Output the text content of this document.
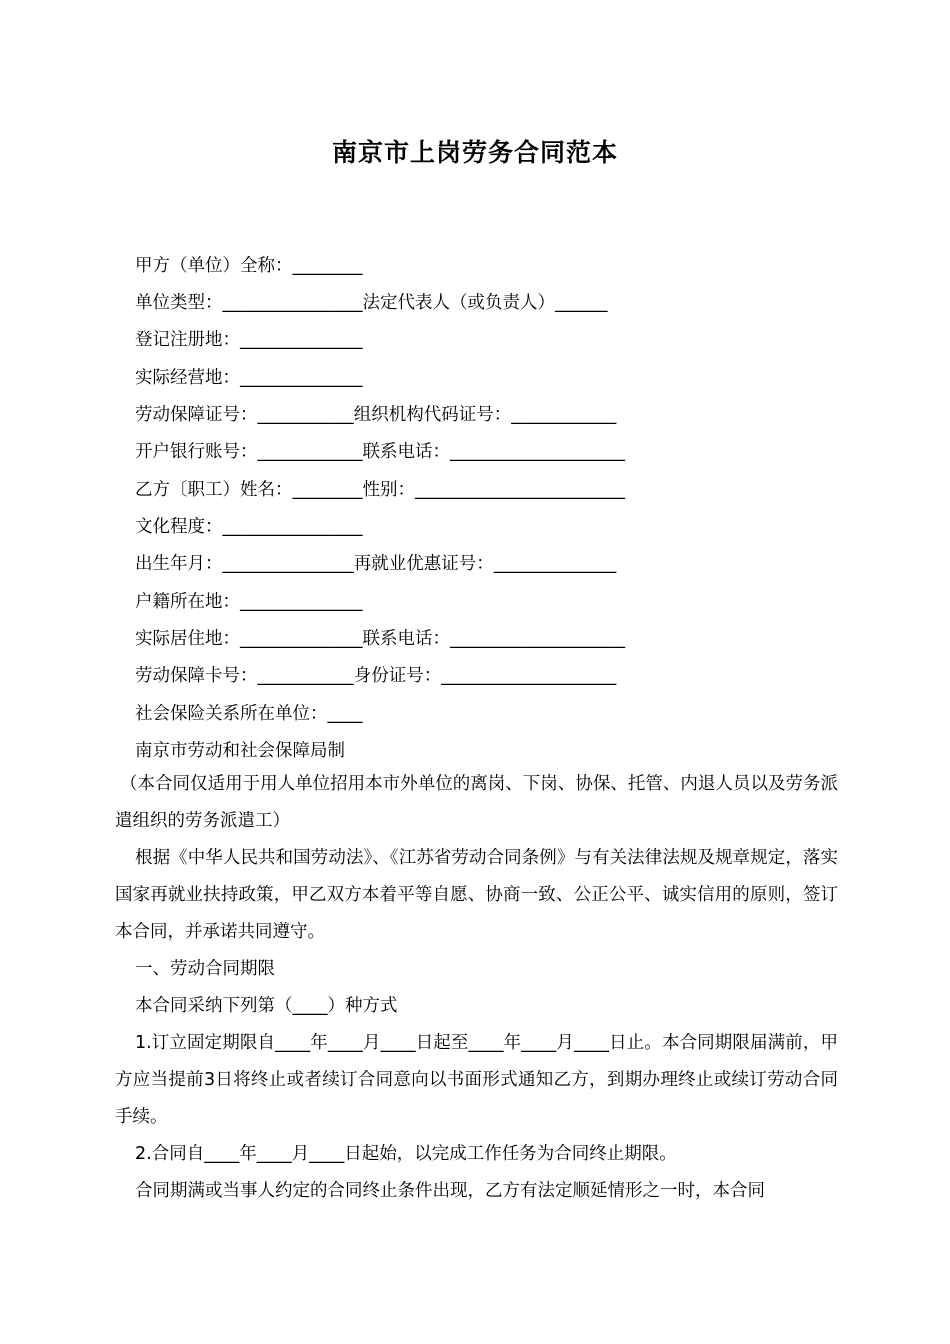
南京市上岗劳务合同范本
甲方（单位）全称：________
单位类型：________________法定代表人（或负责人）______
登记注册地：______________
实际经营地：______________
劳动保障证号：___________组织机构代码证号：____________
开户银行账号：____________联系电话：____________________
乙方〔职工）姓名：________性别：________________________
文化程度：________________
出生年月：_______________再就业优惠证号：______________
户籍所在地：______________
实际居住地：______________联系电话：____________________
劳动保障卡号：___________身份证号：____________________
社会保险关系所在单位：____
南京市劳动和社会保障局制

（本合同仅适用于用人单位招用本市外单位的离岗、下岗、协保、托管、内退人员以及劳务派遣组织的劳务派遣工）

根据《中华人民共和国劳动法》、《江苏省劳动合同条例》与有关法律法规及规章规定，落实国家再就业扶持政策，甲乙双方本着平等自愿、协商一致、公正公平、诚实信用的原则，签订本合同，并承诺共同遵守。

一、劳动合同期限

本合同采纳下列第（____）种方式

1.订立固定期限自____年____月____日起至____年____月____日止。本合同期限届满前，甲方应当提前3日将终止或者续订合同意向以书面形式通知乙方，到期办理终止或续订劳动合同手续。

2.合同自____年____月____日起始，以完成工作任务为合同终止期限。

合同期满或当事人约定的合同终止条件出现，乙方有法定顺延情形之一时，本合同
